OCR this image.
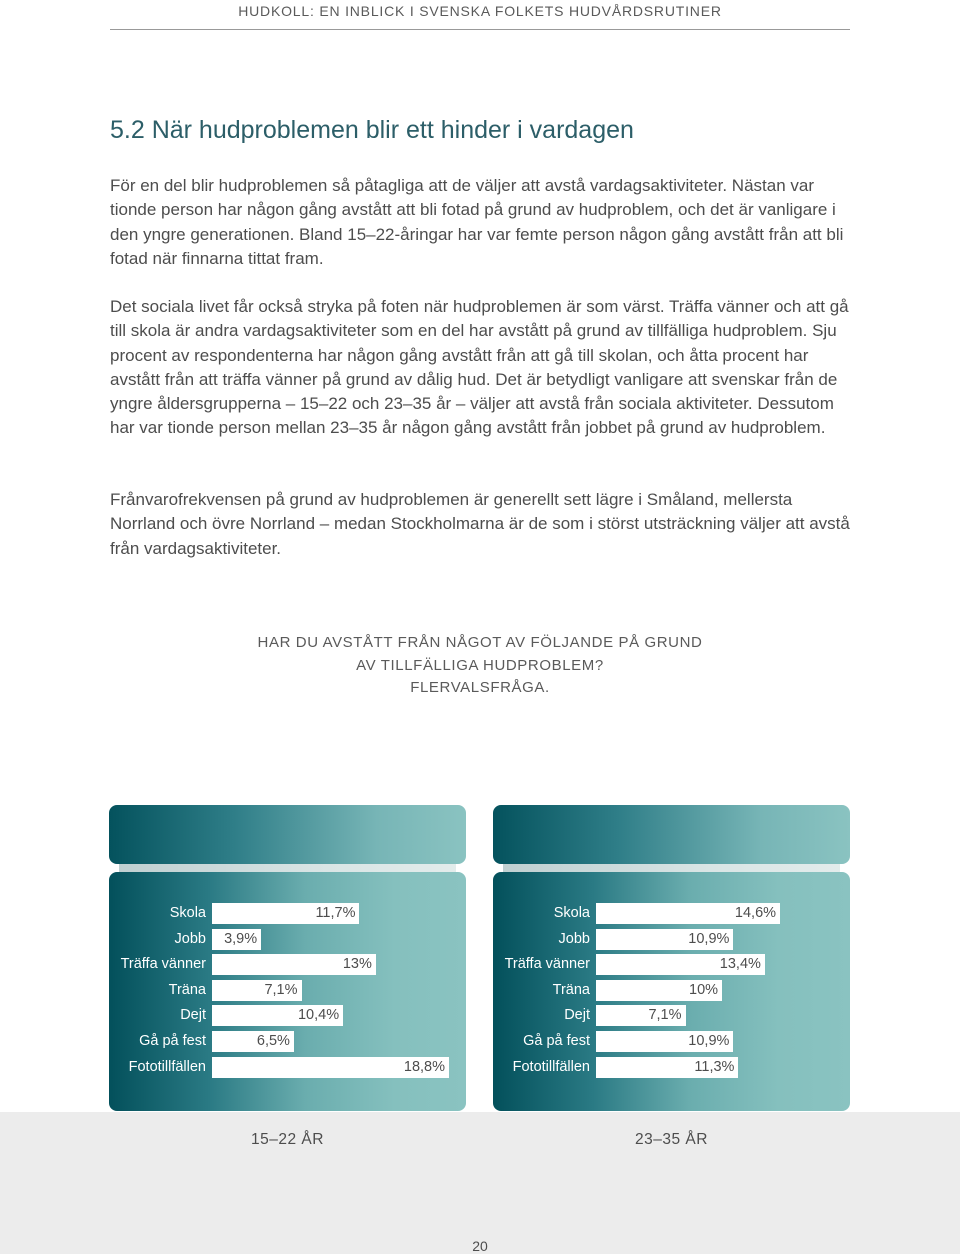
HUDKOLL: EN INBLICK I SVENSKA FOLKETS HUDVÅRDSRUTINER
5.2 När hudproblemen blir ett hinder i vardagen

För en del blir hudproblemen så påtagliga att de väljer att avstå vardagsaktiviteter. Nästan var tionde person har någon gång avstått att bli fotad på grund av hudproblem, och det är vanligare i den yngre generationen. Bland 15–22-åringar har var femte person någon gång avstått från att bli fotad när finnarna tittat fram.

Det sociala livet får också stryka på foten när hudproblemen är som värst. Träffa vänner och att gå till skola är andra vardagsaktiviteter som en del har avstått på grund av tillfälliga hudproblem. Sju procent av respondenterna har någon gång avstått från att gå till skolan, och åtta procent har avstått från att träffa vänner på grund av dålig hud. Det är betydligt vanligare att svenskar från de yngre åldersgrupperna – 15–22 och 23–35 år – väljer att avstå från sociala aktiviteter. Dessutom har var tionde person mellan 23–35 år någon gång avstått från jobbet på grund av hudproblem.

Frånvarofrekvensen på grund av hudproblemen är generellt sett lägre i Småland, mellersta Norrland och övre Norrland – medan Stockholmarna är de som i störst utsträckning väljer att avstå från vardagsaktiviteter.

HAR DU AVSTÅTT FRÅN NÅGOT AV FÖLJANDE PÅ GRUND
AV TILLFÄLLIGA HUDPROBLEM?
FLERVALSFRÅGA.
Skola	11,7%
Jobb 3,9%
Träffa vänner	13%
Träna	7,1%
Dejt	10,4%
Gå på fest	6,5%
Fototillfällen	18,8%
Skola	14,6%
Jobb	10,9%
Träffa vänner	13,4%
Träna	10%
Dejt	7,1%
Gå på fest	10,9%
Fototillfällen	11,3%
15–22 ÅR	23–35 ÅR
20
